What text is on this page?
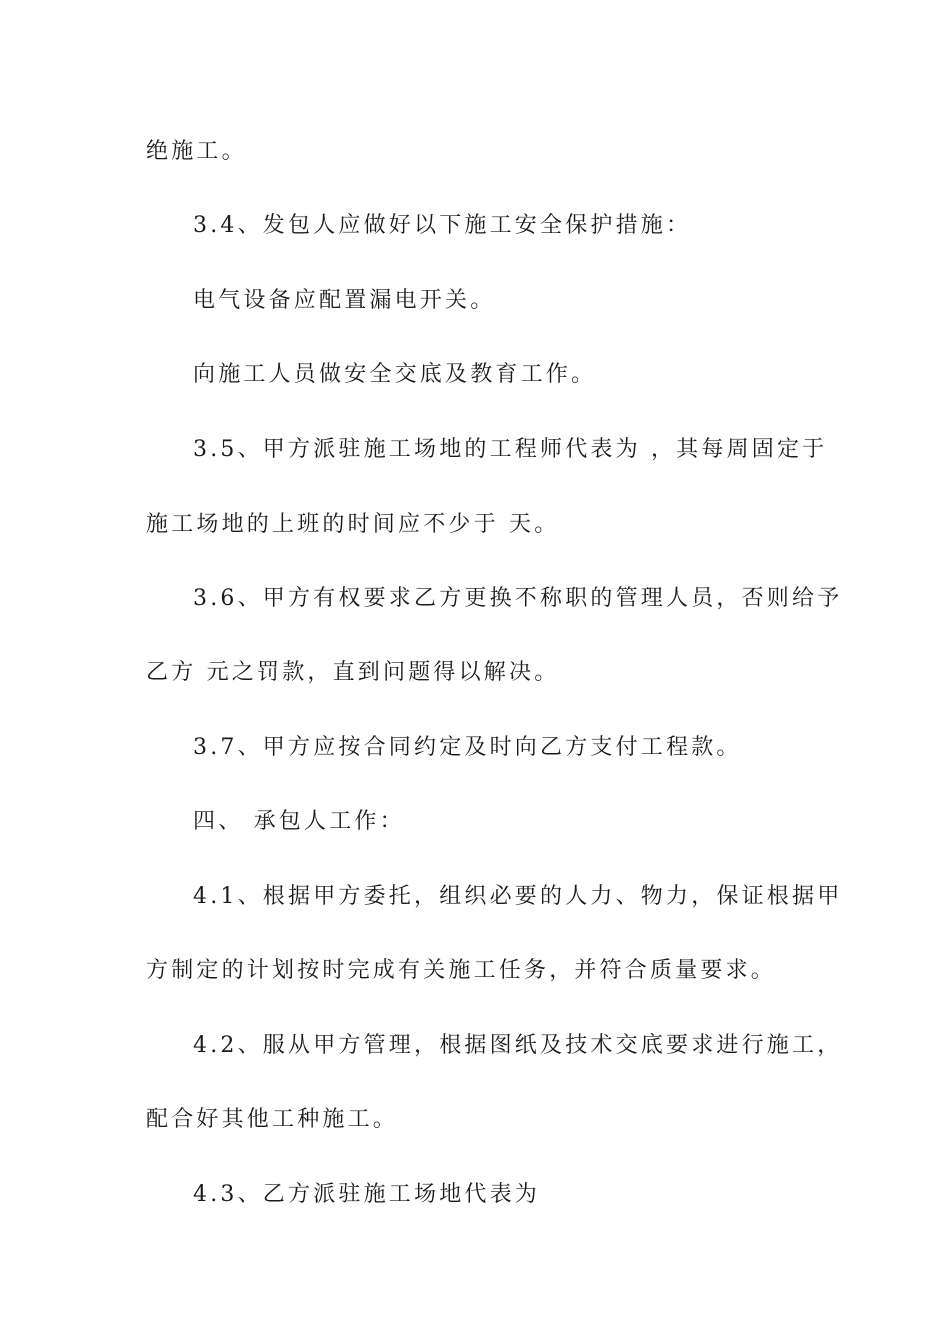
绝施工。
3.4、发包人应做好以下施工安全保护措施：
电气设备应配置漏电开关。
向施工人员做安全交底及教育工作。
3.5、甲方派驻施工场地的工程师代表为 ，其每周固定于
施工场地的上班的时间应不少于 天。
3.6、甲方有权要求乙方更换不称职的管理人员，否则给予
乙方 元之罚款，直到问题得以解决。
3.7、甲方应按合同约定及时向乙方支付工程款。
四、 承包人工作：
4.1、根据甲方委托，组织必要的人力、物力，保证根据甲
方制定的计划按时完成有关施工任务，并符合质量要求。
4.2、服从甲方管理，根据图纸及技术交底要求进行施工，
配合好其他工种施工。
4.3、乙方派驻施工场地代表为
